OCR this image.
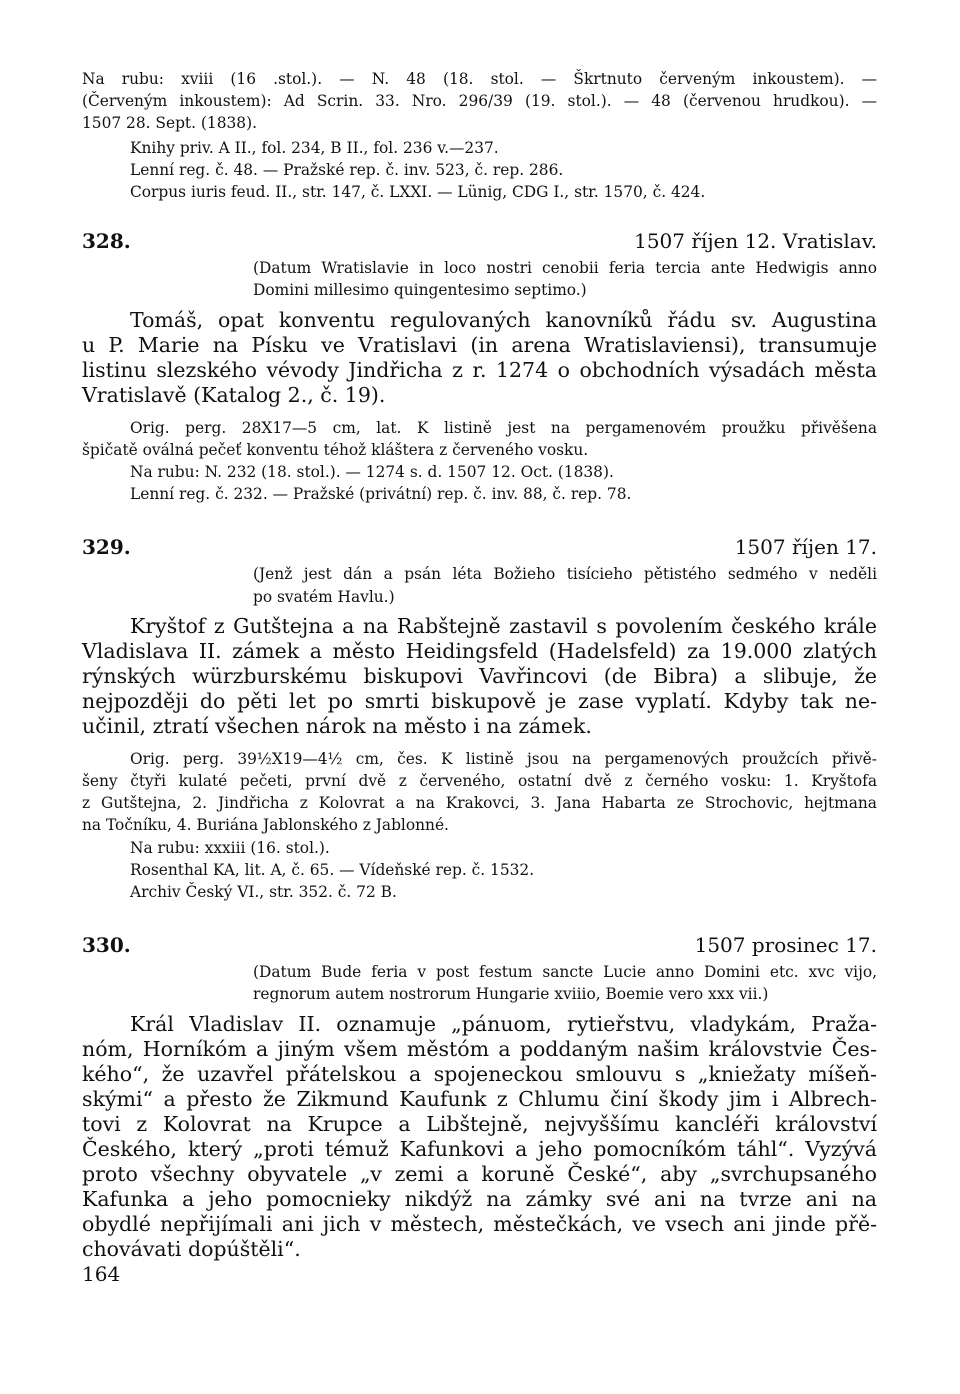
Na rubu: xviii (16 .stol.). — N. 48 (18. stol. — Škrtnuto červeným inkoustem). —
(Červeným inkoustem): Ad Scrin. 33. Nro. 296/39 (19. stol.). — 48 (červenou hrudkou). —
1507 28. Sept. (1838).

Knihy priv. A II., fol. 234, B II., fol. 236 v.—237.
Lenní reg. č. 48. — Pražské rep. č. inv. 523, č. rep. 286.
Corpus iuris feud. II., str. 147, č. LXXI. — Lünig, CDG I., str. 1570, č. 424.

328.	1507 říjen 12. Vratislav.

(Datum Wratislavie in loco nostri cenobii feria tercia ante Hedwigis anno
Domini millesimo quingentesimo septimo.)

Tomáš, opat konventu regulovaných kanovníků řádu sv. Augustina
u P. Marie na Písku ve Vratislavi (in arena Wratislaviensi), transumuje
listinu slezského vévody Jindřicha z r. 1274 o obchodních výsadách města
Vratislavě (Katalog 2., č. 19).

Orig. perg. 28X17—5 cm, lat. K listině jest na pergamenovém proužku přivěšena
špičatě oválná pečeť konventu téhož kláštera z červeného vosku.

Na rubu: N. 232 (18. stol.). — 1274 s. d. 1507 12. Oct. (1838).
Lenní reg. č. 232. — Pražské (privátní) rep. č. inv. 88, č. rep. 78.

329.	1507 říjen 17.

(Jenž jest dán a psán léta Božieho tisícieho pětistého sedmého v neděli
po svatém Havlu.)

Kryštof z Gutštejna a na Rabštejně zastavil s povolením českého krále
Vladislava II. zámek a město Heidingsfeld (Hadelsfeld) za 19.000 zlatých
rýnských würzburskému biskupovi Vavřincovi (de Bibra) a slibuje, že
nejpozději do pěti let po smrti biskupově je zase vyplatí. Kdyby tak ne-
učinil, ztratí všechen nárok na město i na zámek.

Orig. perg. 39½X19—4½ cm, čes. K listině jsou na pergamenových proužcích přivě-
šeny čtyři kulaté pečeti, první dvě z červeného, ostatní dvě z černého vosku: 1. Kryštofa
z Gutštejna, 2. Jindřicha z Kolovrat a na Krakovci, 3. Jana Habarta ze Strochovic, hejtmana
na Točníku, 4. Buriána Jablonského z Jablonné.

Na rubu: xxxiii (16. stol.).
Rosenthal KA, lit. A, č. 65. — Vídeňské rep. č. 1532.
Archiv Český VI., str. 352. č. 72 B.

330.	1507 prosinec 17.

(Datum Bude feria v post festum sancte Lucie anno Domini etc. xvc vijo,
regnorum autem nostrorum Hungarie xviiio, Boemie vero xxx vii.)

Král Vladislav II. oznamuje „pánuom, rytieřstvu, vladykám, Praža-
nóm, Horníkóm a jiným všem městóm a poddaným našim královstvie Čes-
kého“, že uzavřel přátelskou a spojeneckou smlouvu s „kniežaty míšeň-
skými“ a přesto že Zikmund Kaufunk z Chlumu činí škody jim i Albrech-
tovi z Kolovrat na Krupce a Libštejně, nejvyššímu kancléři království
Českého, který „proti témuž Kafunkovi a jeho pomocníkóm táhl“. Vyzývá
proto všechny obyvatele „v zemi a koruně České“, aby „svrchupsaného
Kafunka a jeho pomocnieky nikdýž na zámky své ani na tvrze ani na
obydlé nepřijímali ani jich v městech, městečkách, ve vsech ani jinde přě-
chovávati dopúštěli“.

164
